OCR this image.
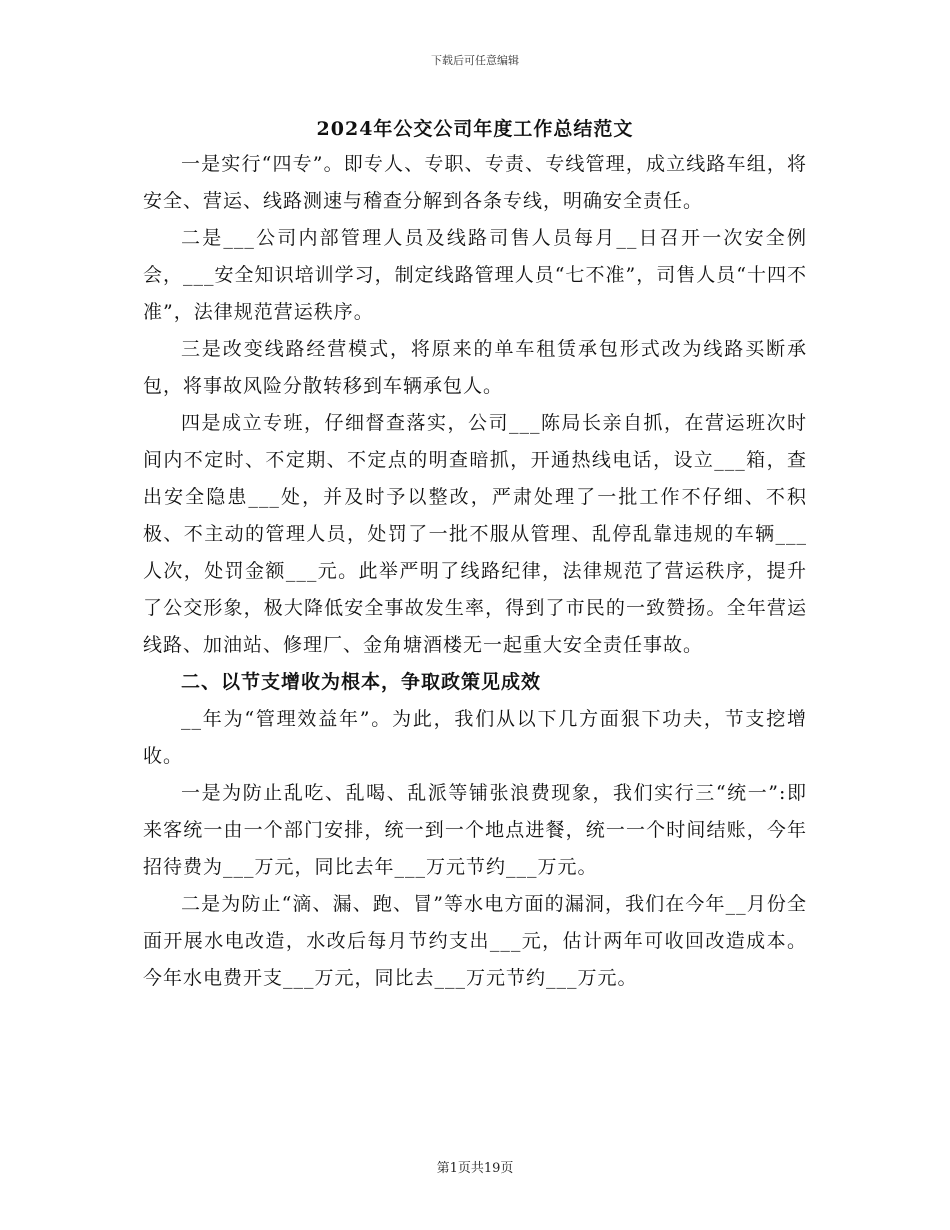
下载后可任意编辑
2024年公交公司年度工作总结范文

一是实行“四专”。即专人、专职、专责、专线管理，成立线路车组，将安全、营运、线路测速与稽查分解到各条专线，明确安全责任。

二是___公司内部管理人员及线路司售人员每月__日召开一次安全例会，___安全知识培训学习，制定线路管理人员“七不准”，司售人员“十四不准”，法律规范营运秩序。

三是改变线路经营模式，将原来的单车租赁承包形式改为线路买断承包，将事故风险分散转移到车辆承包人。

四是成立专班，仔细督查落实，公司___陈局长亲自抓，在营运班次时间内不定时、不定期、不定点的明查暗抓，开通热线电话，设立___箱，查出安全隐患___处，并及时予以整改，严肃处理了一批工作不仔细、不积极、不主动的管理人员，处罚了一批不服从管理、乱停乱靠违规的车辆___人次，处罚金额___元。此举严明了线路纪律，法律规范了营运秩序，提升了公交形象，极大降低安全事故发生率，得到了市民的一致赞扬。全年营运线路、加油站、修理厂、金角塘酒楼无一起重大安全责任事故。

二、以节支增收为根本，争取政策见成效

__年为“管理效益年”。为此，我们从以下几方面狠下功夫，节支挖增收。

一是为防止乱吃、乱喝、乱派等铺张浪费现象，我们实行三“统一”:即来客统一由一个部门安排，统一到一个地点进餐，统一一个时间结账，今年招待费为___万元，同比去年___万元节约___万元。

二是为防止“滴、漏、跑、冒”等水电方面的漏洞，我们在今年__月份全面开展水电改造，水改后每月节约支出___元，估计两年可收回改造成本。今年水电费开支___万元，同比去___万元节约___万元。

第1页共19页
